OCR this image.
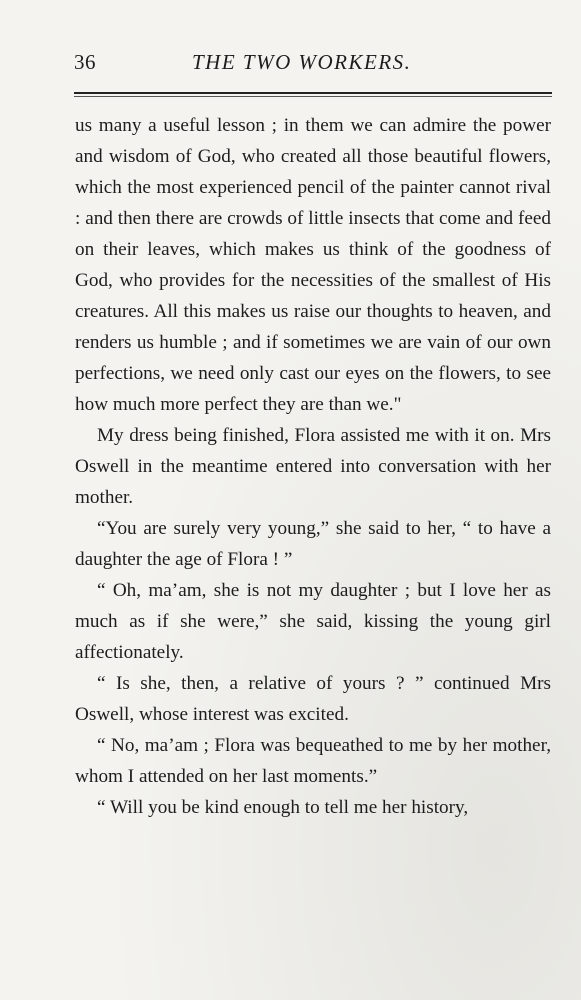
36	THE TWO WORKERS.

us many a useful lesson ; in them we can admire the power and wisdom of God, who created all those beautiful flowers, which the most experienced pencil of the painter cannot rival : and then there are crowds of little insects that come and feed on their leaves, which makes us think of the goodness of God, who provides for the necessities of the smallest of His creatures. All this makes us raise our thoughts to heaven, and renders us humble ; and if sometimes we are vain of our own perfections, we need only cast our eyes on the flowers, to see how much more perfect they are than we."

My dress being finished, Flora assisted me with it on. Mrs Oswell in the meantime entered into conversation with her mother.

“You are surely very young,” she said to her, “ to have a daughter the age of Flora ! ”

“ Oh, ma’am, she is not my daughter ; but I love her as much as if she were,” she said, kissing the young girl affectionately.

“ Is she, then, a relative of yours ? ” continued Mrs Oswell, whose interest was excited.

“ No, ma’am ; Flora was bequeathed to me by her mother, whom I attended on her last moments.”

“ Will you be kind enough to tell me her history,
